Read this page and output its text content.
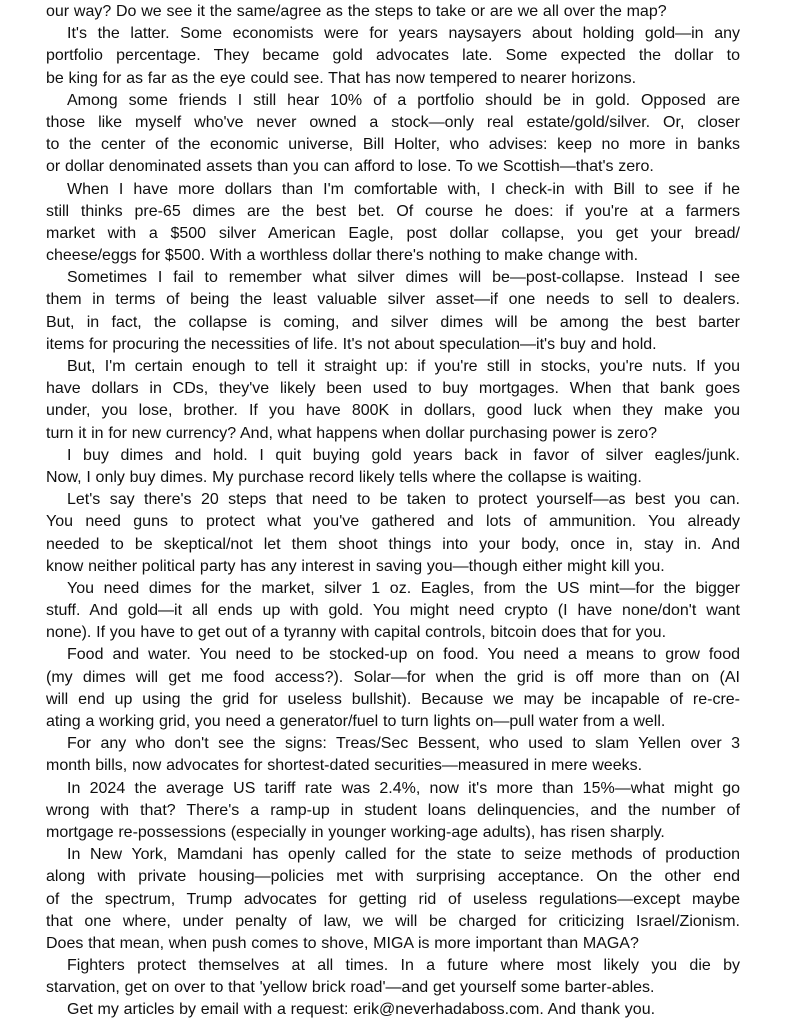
our way? Do we see it the same/agree as the steps to take or are we all over the map?
It's the latter. Some economists were for years naysayers about holding gold—in any
portfolio percentage. They became gold advocates late. Some expected the dollar to
be king for as far as the eye could see. That has now tempered to nearer horizons.
Among some friends I still hear 10% of a portfolio should be in gold. Opposed are
those like myself who've never owned a stock—only real estate/gold/silver. Or, closer
to the center of the economic universe, Bill Holter, who advises: keep no more in banks
or dollar denominated assets than you can afford to lose. To we Scottish—that's zero.
When I have more dollars than I'm comfortable with, I check-in with Bill to see if he
still thinks pre-65 dimes are the best bet. Of course he does: if you're at a farmers
market with a $500 silver American Eagle, post dollar collapse, you get your bread/
cheese/eggs for $500. With a worthless dollar there's nothing to make change with.
Sometimes I fail to remember what silver dimes will be—post-collapse. Instead I see
them in terms of being the least valuable silver asset—if one needs to sell to dealers.
But, in fact, the collapse is coming, and silver dimes will be among the best barter
items for procuring the necessities of life. It's not about speculation—it's buy and hold.
But, I'm certain enough to tell it straight up: if you're still in stocks, you're nuts. If you
have dollars in CDs, they've likely been used to buy mortgages. When that bank goes
under, you lose, brother. If you have 800K in dollars, good luck when they make you
turn it in for new currency? And, what happens when dollar purchasing power is zero?
I buy dimes and hold. I quit buying gold years back in favor of silver eagles/junk.
Now, I only buy dimes. My purchase record likely tells where the collapse is waiting.
Let's say there's 20 steps that need to be taken to protect yourself—as best you can.
You need guns to protect what you've gathered and lots of ammunition. You already
needed to be skeptical/not let them shoot things into your body, once in, stay in. And
know neither political party has any interest in saving you—though either might kill you.
You need dimes for the market, silver 1 oz. Eagles, from the US mint—for the bigger
stuff. And gold—it all ends up with gold. You might need crypto (I have none/don't want
none). If you have to get out of a tyranny with capital controls, bitcoin does that for you.
Food and water. You need to be stocked-up on food. You need a means to grow food
(my dimes will get me food access?). Solar—for when the grid is off more than on (AI
will end up using the grid for useless bullshit). Because we may be incapable of re-cre-
ating a working grid, you need a generator/fuel to turn lights on—pull water from a well.
For any who don't see the signs: Treas/Sec Bessent, who used to slam Yellen over 3
month bills, now advocates for shortest-dated securities—measured in mere weeks.
In 2024 the average US tariff rate was 2.4%, now it's more than 15%—what might go
wrong with that? There's a ramp-up in student loans delinquencies, and the number of
mortgage re-possessions (especially in younger working-age adults), has risen sharply.
In New York, Mamdani has openly called for the state to seize methods of production
along with private housing—policies met with surprising acceptance. On the other end
of the spectrum, Trump advocates for getting rid of useless regulations—except maybe
that one where, under penalty of law, we will be charged for criticizing Israel/Zionism.
Does that mean, when push comes to shove, MIGA is more important than MAGA?
Fighters protect themselves at all times. In a future where most likely you die by
starvation, get on over to that 'yellow brick road'—and get yourself some barter-ables.
Get my articles by email with a request: erik@neverhadaboss.com. And thank you.
